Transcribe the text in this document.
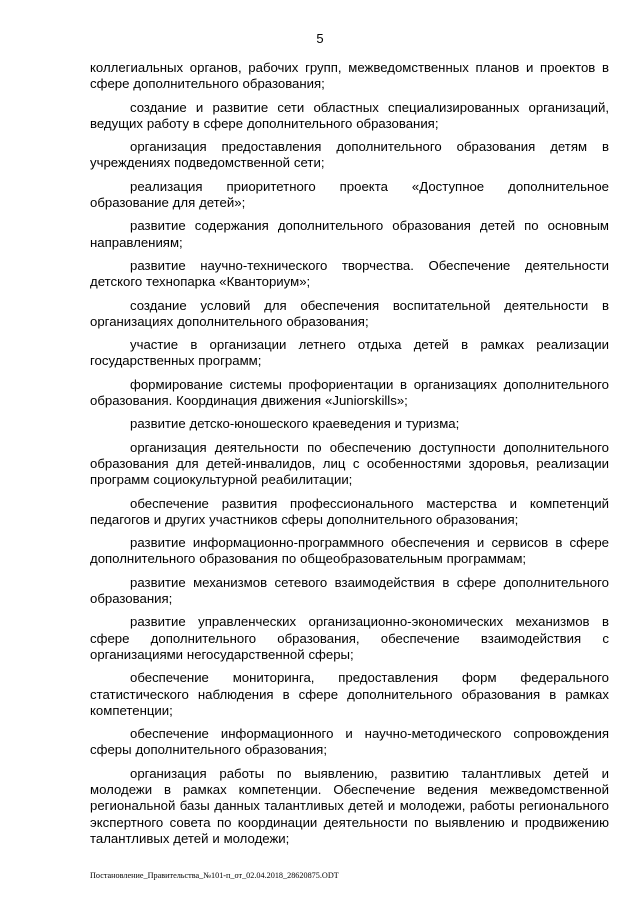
5

коллегиальных органов, рабочих групп, межведомственных планов и проектов в сфере дополнительного образования;

создание и развитие сети областных специализированных организаций, ведущих работу в сфере дополнительного образования;

организация предоставления дополнительного образования детям в учреждениях подведомственной сети;

реализация приоритетного проекта «Доступное дополнительное образование для детей»;

развитие содержания дополнительного образования детей по основным направлениям;

развитие научно-технического творчества. Обеспечение деятельности детского технопарка «Кванториум»;

создание условий для обеспечения воспитательной деятельности в организациях дополнительного образования;

участие в организации летнего отдыха детей в рамках реализации государственных программ;

формирование системы профориентации в организациях дополнительного образования. Координация движения «Juniorskills»;

развитие детско-юношеского краеведения и туризма;

организация деятельности по обеспечению доступности дополнительного образования для детей-инвалидов, лиц с особенностями здоровья, реализации программ социокультурной реабилитации;

обеспечение развития профессионального мастерства и компетенций педагогов и других участников сферы дополнительного образования;

развитие информационно-программного обеспечения и сервисов в сфере дополнительного образования по общеобразовательным программам;

развитие механизмов сетевого взаимодействия в сфере дополнительного образования;

развитие управленческих организационно-экономических механизмов в сфере дополнительного образования, обеспечение взаимодействия с организациями негосударственной сферы;

обеспечение мониторинга, предоставления форм федерального статистического наблюдения в сфере дополнительного образования в рамках компетенции;

обеспечение информационного и научно-методического сопровождения сферы дополнительного образования;

организация работы по выявлению, развитию талантливых детей и молодежи в рамках компетенции. Обеспечение ведения межведомственной региональной базы данных талантливых детей и молодежи, работы регионального экспертного совета по координации деятельности по выявлению и продвижению талантливых детей и молодежи;

Постановление_Правительства_№101-п_от_02.04.2018_28620875.ODT
